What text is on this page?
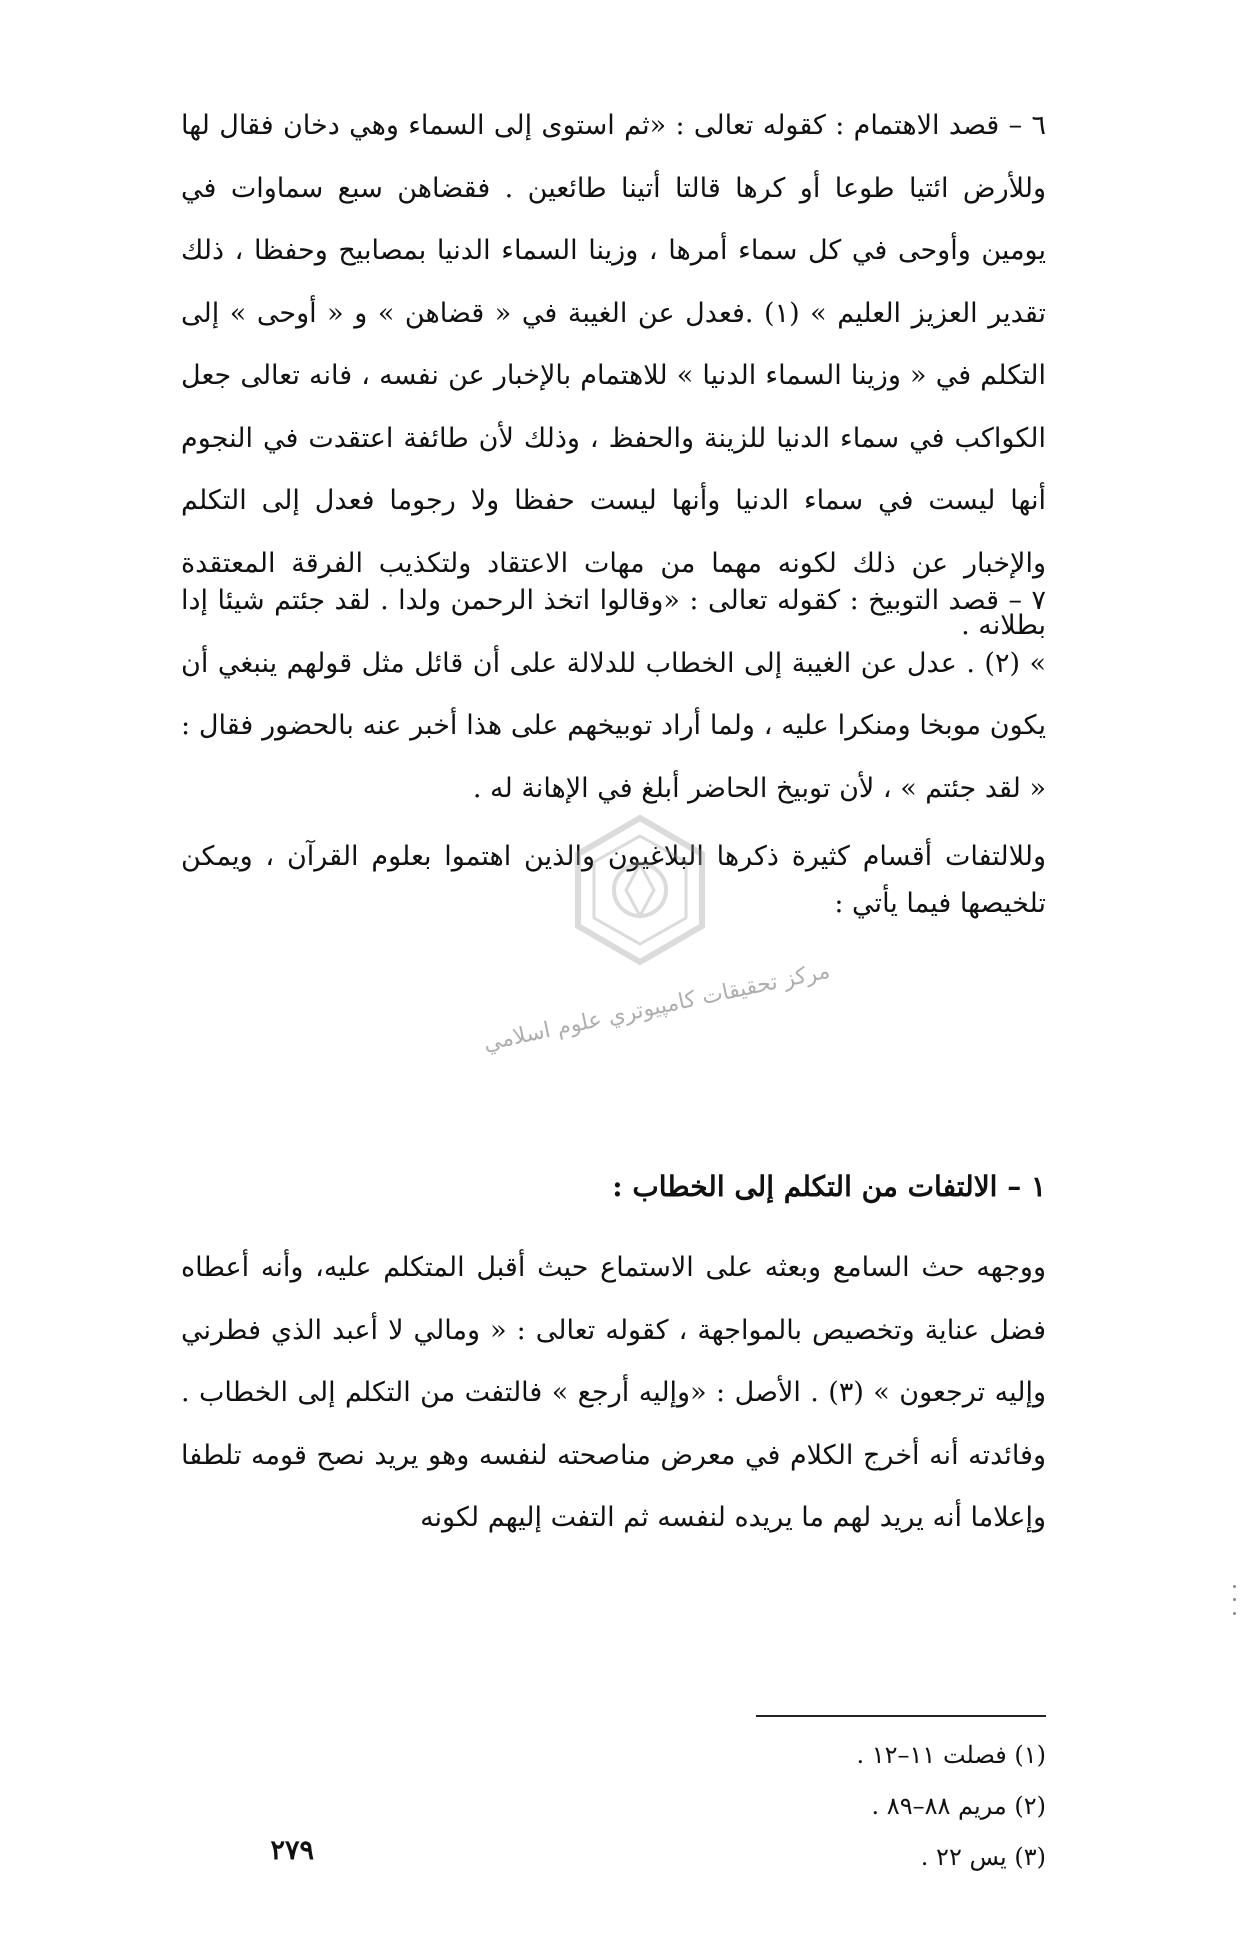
٦ – قصد الاهتمام : كقوله تعالى : «ثم استوى إلى السماء وهي دخان فقال لها وللأرض ائتيا طوعا أو كرها قالتا أتينا طائعين . فقضاهن سبع سماوات في يومين وأوحى في كل سماء أمرها ، وزينا السماء الدنيا بمصابيح وحفظا ، ذلك تقدير العزيز العليم » (١) .فعدل عن الغيبة في « قضاهن » و « أوحى » إلى التكلم في « وزينا السماء الدنيا » للاهتمام بالإخبار عن نفسه ، فانه تعالى جعل الكواكب في سماء الدنيا للزينة والحفظ ، وذلك لأن طائفة اعتقدت في النجوم أنها ليست في سماء الدنيا وأنها ليست حفظا ولا رجوما فعدل إلى التكلم والإخبار عن ذلك لكونه مهما من مهات الاعتقاد ولتكذيب الفرقة المعتقدة بطلانه .

٧ – قصد التوبيخ : كقوله تعالى : «وقالوا اتخذ الرحمن ولدا . لقد جئتم شيئا إدا » (٢) . عدل عن الغيبة إلى الخطاب للدلالة على أن قائل مثل قولهم ينبغي أن يكون موبخا ومنكرا عليه ، ولما أراد توبيخهم على هذا أخبر عنه بالحضور فقال : « لقد جئتم » ، لأن توبيخ الحاضر أبلغ في الإهانة له .

وللالتفات أقسام كثيرة ذكرها البلاغيون والذين اهتموا بعلوم القرآن ، ويمكن تلخيصها فيما يأتي :

١ – الالتفات من التكلم إلى الخطاب :

ووجهه حث السامع وبعثه على الاستماع حيث أقبل المتكلم عليه، وأنه أعطاه فضل عناية وتخصيص بالمواجهة ، كقوله تعالى : « ومالي لا أعبد الذي فطرني وإليه ترجعون » (٣) . الأصل : «وإليه أرجع » فالتفت من التكلم إلى الخطاب . وفائدته أنه أخرج الكلام في معرض مناصحته لنفسه وهو يريد نصح قومه تلطفا وإعلاما أنه يريد لهم ما يريده لنفسه ثم التفت إليهم لكونه

(١) فصلت ١١–١٢ .
(٢) مريم ٨٨–٨٩ .
(٣) يس ٢٢ .
٢٧٩
مركز تحقيقات كامپيوتري علوم اسلامي
